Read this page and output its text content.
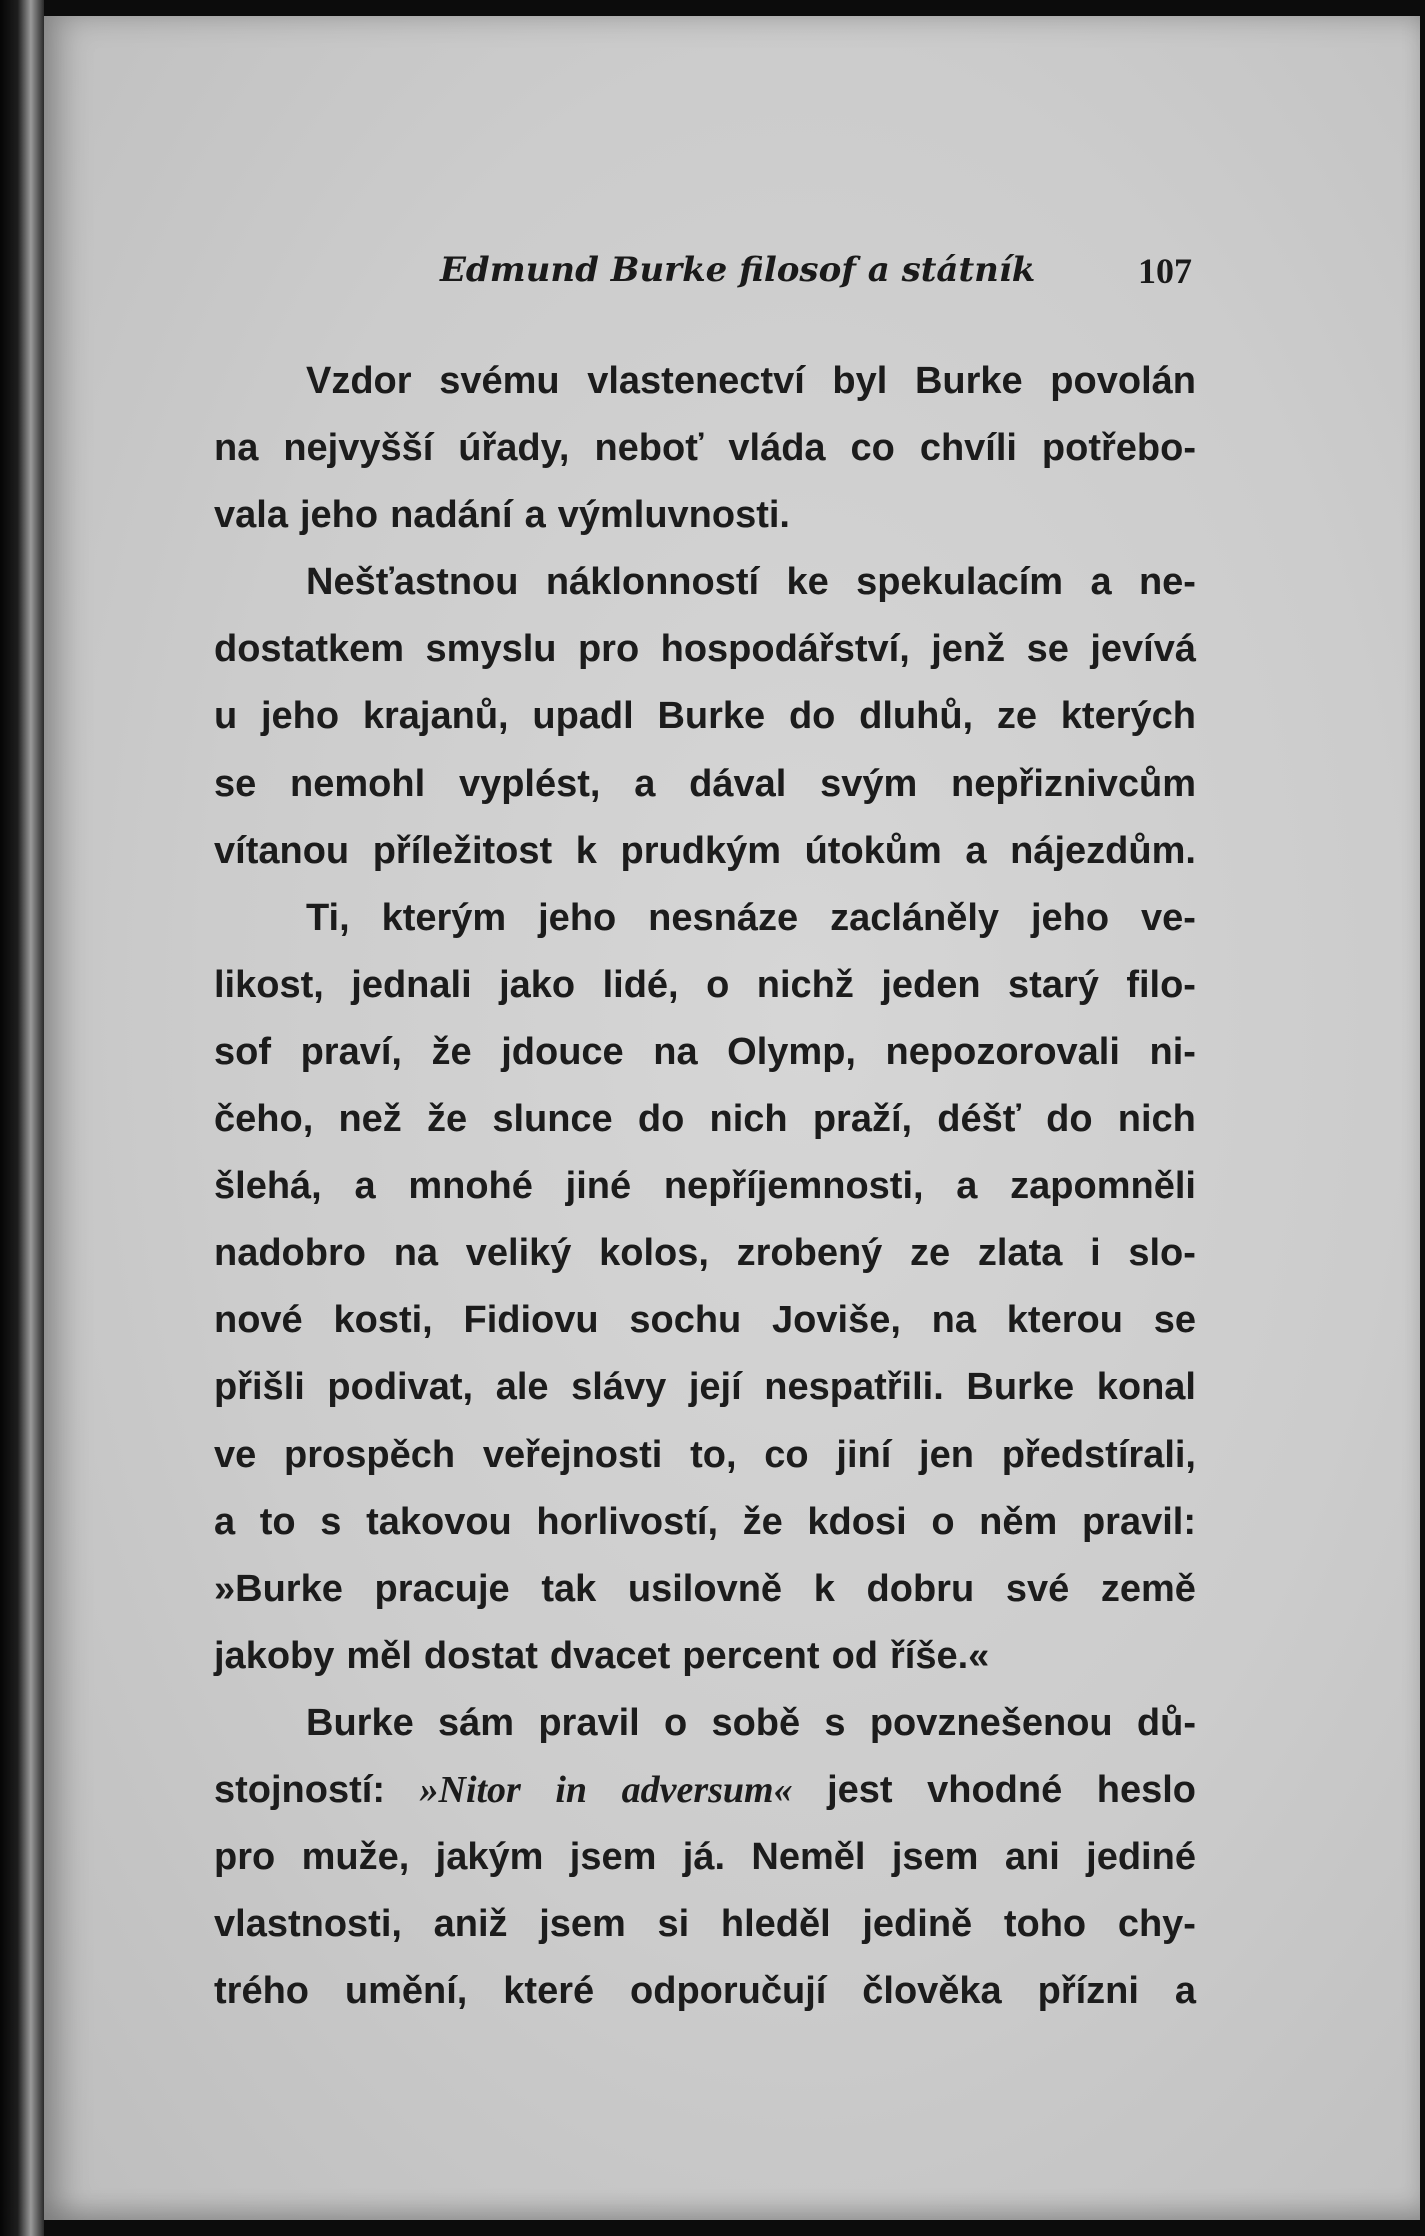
Edmund Burke filosof a státník	107
Vzdor svému vlastenectví byl Burke povolán
na nejvyšší úřady, neboť vláda co chvíli potřebo-
vala jeho nadání a výmluvnosti.
Nešťastnou náklonností ke spekulacím a ne-
dostatkem smyslu pro hospodářství, jenž se jevívá
u jeho krajanů, upadl Burke do dluhů, ze kterých
se nemohl vyplést, a dával svým nepřiznivcům
vítanou příležitost k prudkým útokům a nájezdům.
Ti, kterým jeho nesnáze zacláněly jeho ve-
likost, jednali jako lidé, o nichž jeden starý filo-
sof praví, že jdouce na Olymp, nepozorovali ni-
čeho, než že slunce do nich praží, déšť do nich
šlehá, a mnohé jiné nepříjemnosti, a zapomněli
nadobro na veliký kolos, zrobený ze zlata i slo-
nové kosti, Fidiovu sochu Joviše, na kterou se
přišli podivat, ale slávy její nespatřili. Burke konal
ve prospěch veřejnosti to, co jiní jen předstírali,
a to s takovou horlivostí, že kdosi o něm pravil:
»Burke pracuje tak usilovně k dobru své země
jakoby měl dostat dvacet percent od říše.«
Burke sám pravil o sobě s povznešenou dů-
stojností: »Nitor in adversum« jest vhodné heslo
pro muže, jakým jsem já. Neměl jsem ani jediné
vlastnosti, aniž jsem si hleděl jedině toho chy-
trého umění, které odporučují člověka přízni a
